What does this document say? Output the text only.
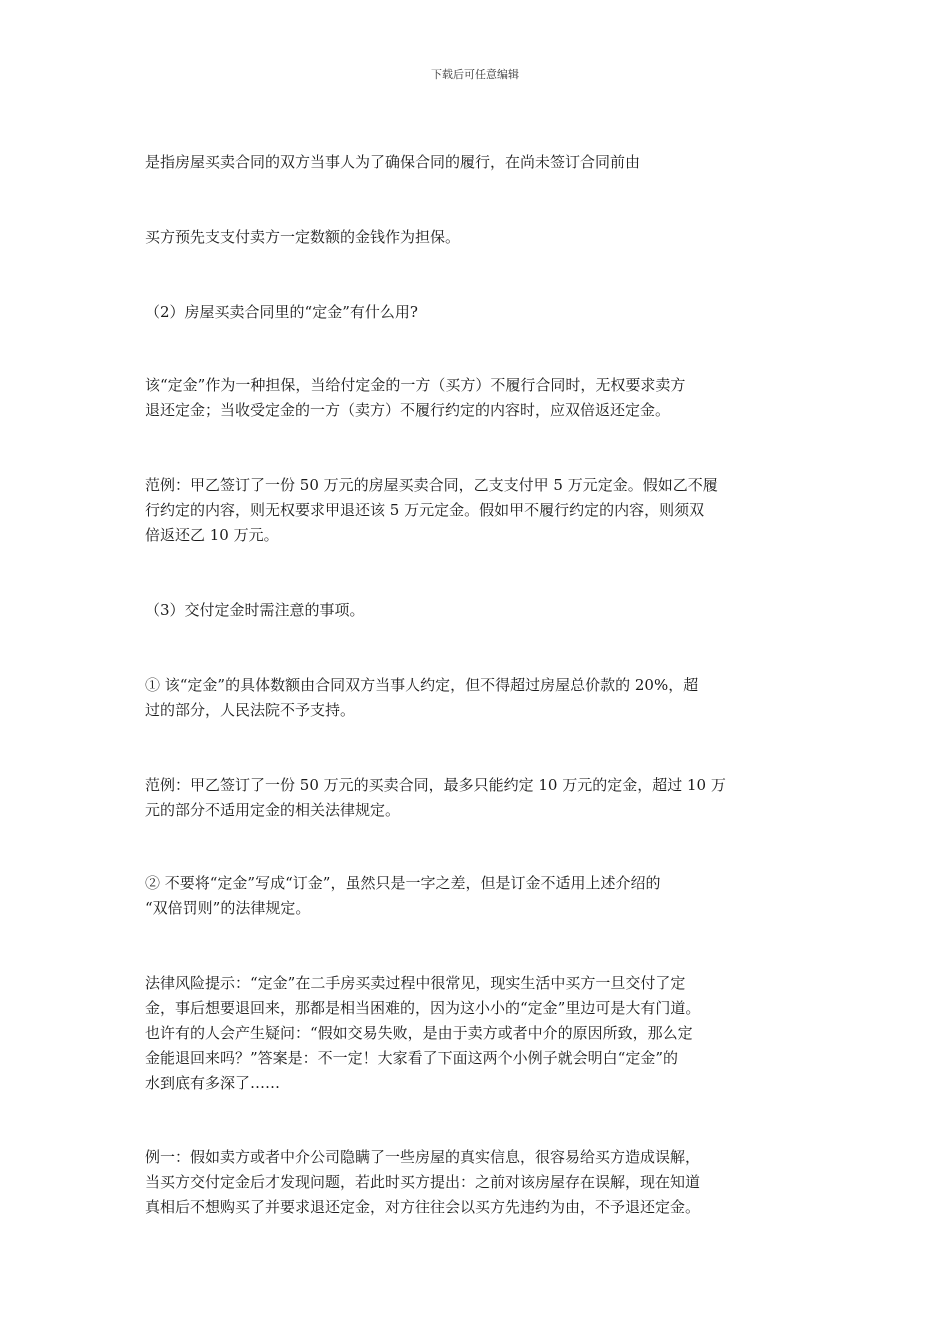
下载后可任意编辑

是指房屋买卖合同的双方当事人为了确保合同的履行，在尚未签订合同前由

买方预先支支付卖方一定数额的金钱作为担保。

（2）房屋买卖合同里的“定金”有什么用?

该“定金”作为一种担保，当给付定金的一方（买方）不履行合同时，无权要求卖方
退还定金；当收受定金的一方（卖方）不履行约定的内容时，应双倍返还定金。

范例：甲乙签订了一份 50 万元的房屋买卖合同，乙支支付甲 5 万元定金。假如乙不履
行约定的内容，则无权要求甲退还该 5 万元定金。假如甲不履行约定的内容，则须双
倍返还乙 10 万元。

（3）交付定金时需注意的事项。

① 该“定金”的具体数额由合同双方当事人约定，但不得超过房屋总价款的 20%，超
过的部分，人民法院不予支持。

范例：甲乙签订了一份 50 万元的买卖合同，最多只能约定 10 万元的定金，超过 10 万
元的部分不适用定金的相关法律规定。

② 不要将“定金”写成“订金”，虽然只是一字之差，但是订金不适用上述介绍的
“双倍罚则”的法律规定。

法律风险提示：“定金”在二手房买卖过程中很常见，现实生活中买方一旦交付了定
金，事后想要退回来，那都是相当困难的，因为这小小的“定金”里边可是大有门道。
也许有的人会产生疑问：“假如交易失败，是由于卖方或者中介的原因所致，那么定
金能退回来吗？”答案是：不一定！大家看了下面这两个小例子就会明白“定金”的
水到底有多深了……

例一：假如卖方或者中介公司隐瞒了一些房屋的真实信息，很容易给买方造成误解，
当买方交付定金后才发现问题，若此时买方提出：之前对该房屋存在误解，现在知道
真相后不想购买了并要求退还定金，对方往往会以买方先违约为由，不予退还定金。
